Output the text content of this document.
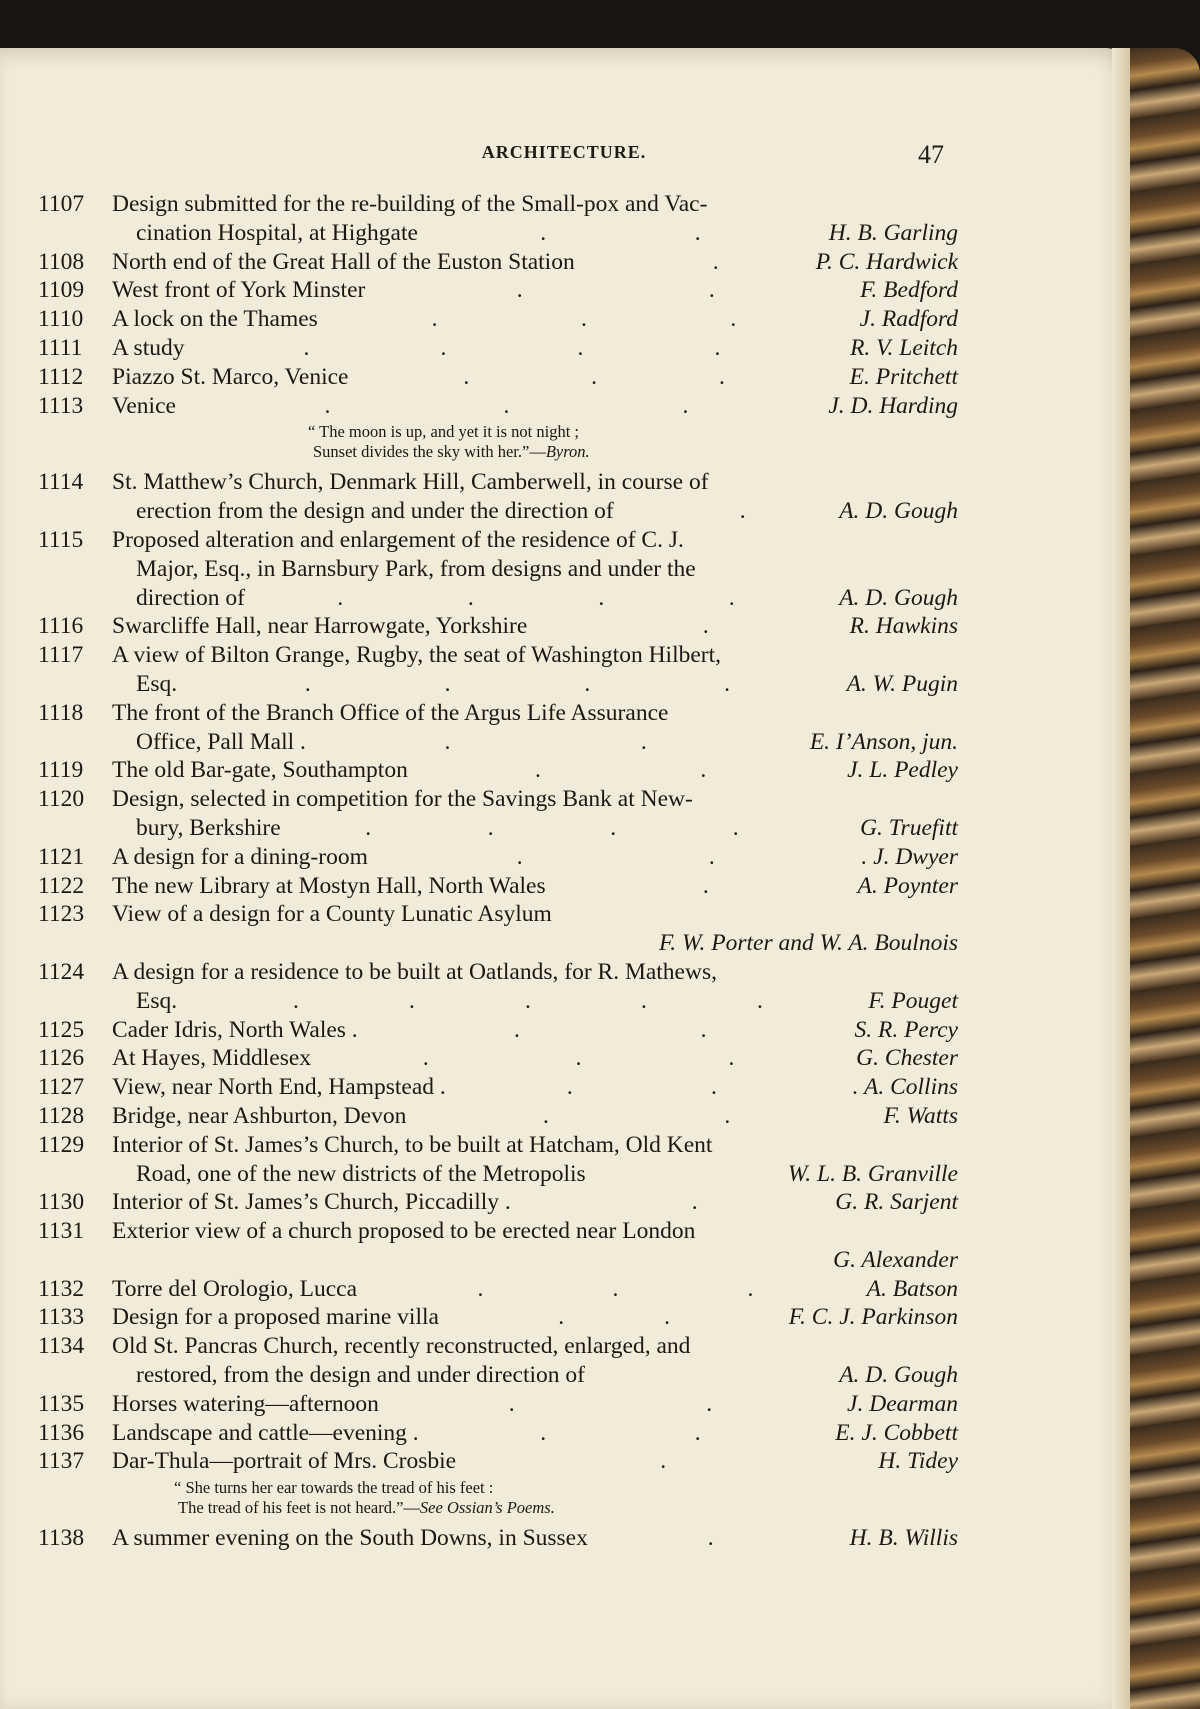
ARCHITECTURE.	47
1107	Design submitted for the re-building of the Small-pox and Vac-
cination Hospital, at Highgate	.	.	H. B. Garling
1108	North end of the Great Hall of the Euston Station	.	P. C. Hardwick
1109	West front of York Minster	.	.	F. Bedford
1110	A lock on the Thames	.	.	.	J. Radford
1111	A study	.	.	.	.	R. V. Leitch
1112	Piazzo St. Marco, Venice	.	.	.	E. Pritchett
1113	Venice	.	.	.	J. D. Harding
“ The moon is up, and yet it is not night ;
Sunset divides the sky with her.”—Byron.
1114	St. Matthew’s Church, Denmark Hill, Camberwell, in course of
erection from the design and under the direction of	.	A. D. Gough
1115	Proposed alteration and enlargement of the residence of C. J.
Major, Esq., in Barnsbury Park, from designs and under the
direction of	.	.	.	.	A. D. Gough
1116	Swarcliffe Hall, near Harrowgate, Yorkshire	.	R. Hawkins
1117	A view of Bilton Grange, Rugby, the seat of Washington Hilbert,
Esq.	.	.	.	.	A. W. Pugin
1118	The front of the Branch Office of the Argus Life Assurance
Office, Pall Mall .	.	.	E. I’Anson, jun.
1119	The old Bar-gate, Southampton	.	.	J. L. Pedley
1120	Design, selected in competition for the Savings Bank at New-
bury, Berkshire	.	.	.	.	G. Truefitt
1121	A design for a dining-room	.	.	. J. Dwyer
1122	The new Library at Mostyn Hall, North Wales	.	A. Poynter
1123	View of a design for a County Lunatic Asylum
F. W. Porter and W. A. Boulnois
1124	A design for a residence to be built at Oatlands, for R. Mathews,
Esq.	.	.	.	.	.	F. Pouget
1125	Cader Idris, North Wales .	.	.	S. R. Percy
1126	At Hayes, Middlesex	.	.	.	G. Chester
1127	View, near North End, Hampstead .	.	.	. A. Collins
1128	Bridge, near Ashburton, Devon	.	.	F. Watts
1129	Interior of St. James’s Church, to be built at Hatcham, Old Kent
Road, one of the new districts of the Metropolis	W. L. B. Granville
1130	Interior of St. James’s Church, Piccadilly .	.	G. R. Sarjent
1131	Exterior view of a church proposed to be erected near London
G. Alexander
1132	Torre del Orologio, Lucca	.	.	.	A. Batson
1133	Design for a proposed marine villa	.	.	F. C. J. Parkinson
1134	Old St. Pancras Church, recently reconstructed, enlarged, and
restored, from the design and under direction of	A. D. Gough
1135	Horses watering—afternoon	.	.	J. Dearman
1136	Landscape and cattle—evening .	.	.	E. J. Cobbett
1137	Dar-Thula—portrait of Mrs. Crosbie	.	H. Tidey
“ She turns her ear towards the tread of his feet :
The tread of his feet is not heard.”—See Ossian’s Poems.
1138	A summer evening on the South Downs, in Sussex	.	H. B. Willis
